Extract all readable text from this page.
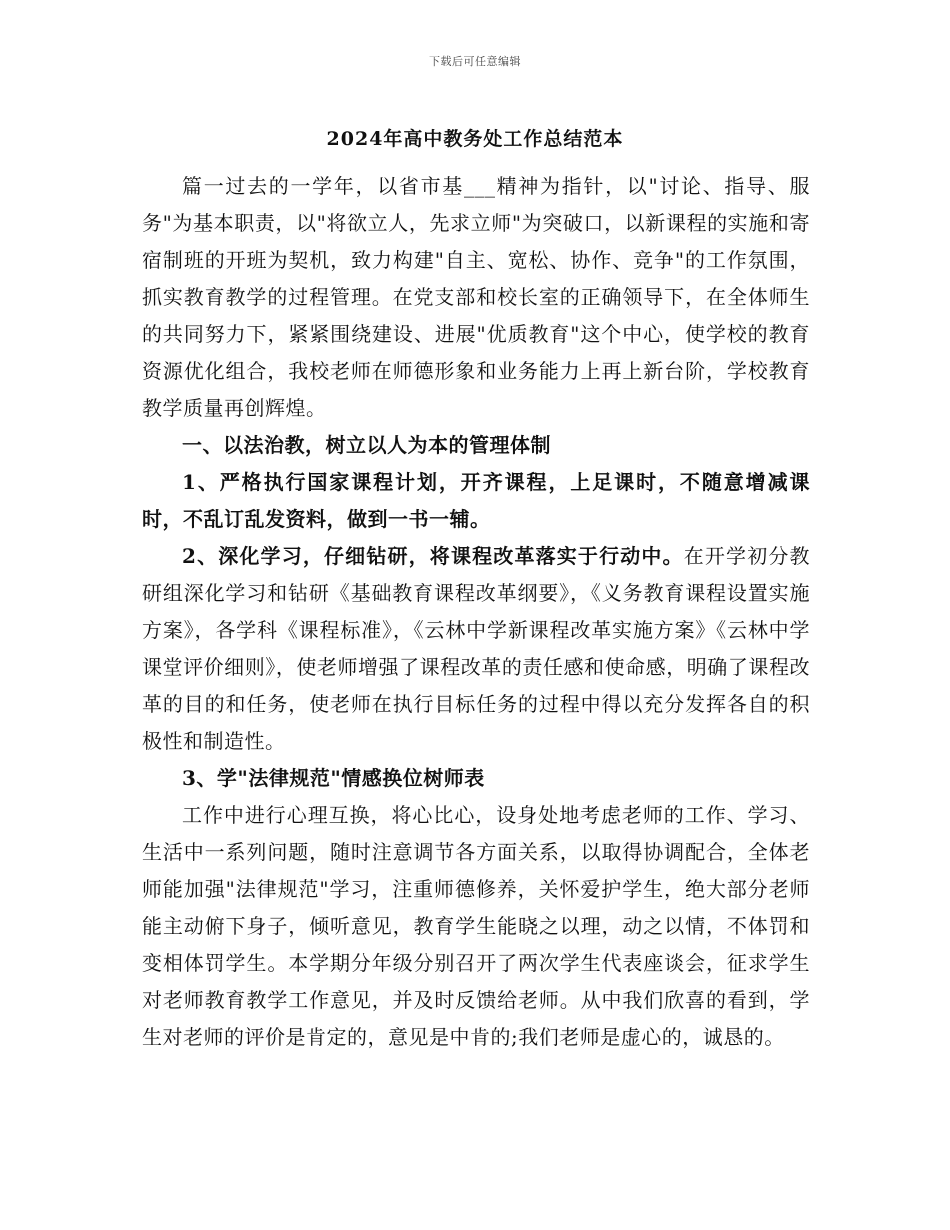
下载后可任意编辑
2024年高中教务处工作总结范本

篇一过去的一学年，以省市基___精神为指针，以"讨论、指导、服务"为基本职责，以"将欲立人，先求立师"为突破口，以新课程的实施和寄宿制班的开班为契机，致力构建"自主、宽松、协作、竞争"的工作氛围，抓实教育教学的过程管理。在党支部和校长室的正确领导下，在全体师生的共同努力下，紧紧围绕建设、进展"优质教育"这个中心，使学校的教育资源优化组合，我校老师在师德形象和业务能力上再上新台阶，学校教育教学质量再创辉煌。

一、以法治教，树立以人为本的管理体制

1、严格执行国家课程计划，开齐课程，上足课时，不随意增减课时，不乱订乱发资料，做到一书一辅。

2、深化学习，仔细钻研，将课程改革落实于行动中。在开学初分教研组深化学习和钻研《基础教育课程改革纲要》，《义务教育课程设置实施方案》，各学科《课程标准》，《云林中学新课程改革实施方案》《云林中学课堂评价细则》，使老师增强了课程改革的责任感和使命感，明确了课程改革的目的和任务，使老师在执行目标任务的过程中得以充分发挥各自的积极性和制造性。

3、学"法律规范"情感换位树师表

工作中进行心理互换，将心比心，设身处地考虑老师的工作、学习、生活中一系列问题，随时注意调节各方面关系，以取得协调配合，全体老师能加强"法律规范"学习，注重师德修养，关怀爱护学生，绝大部分老师能主动俯下身子，倾听意见，教育学生能晓之以理，动之以情，不体罚和变相体罚学生。本学期分年级分别召开了两次学生代表座谈会，征求学生对老师教育教学工作意见，并及时反馈给老师。从中我们欣喜的看到，学生对老师的评价是肯定的，意见是中肯的;我们老师是虚心的，诚恳的。
